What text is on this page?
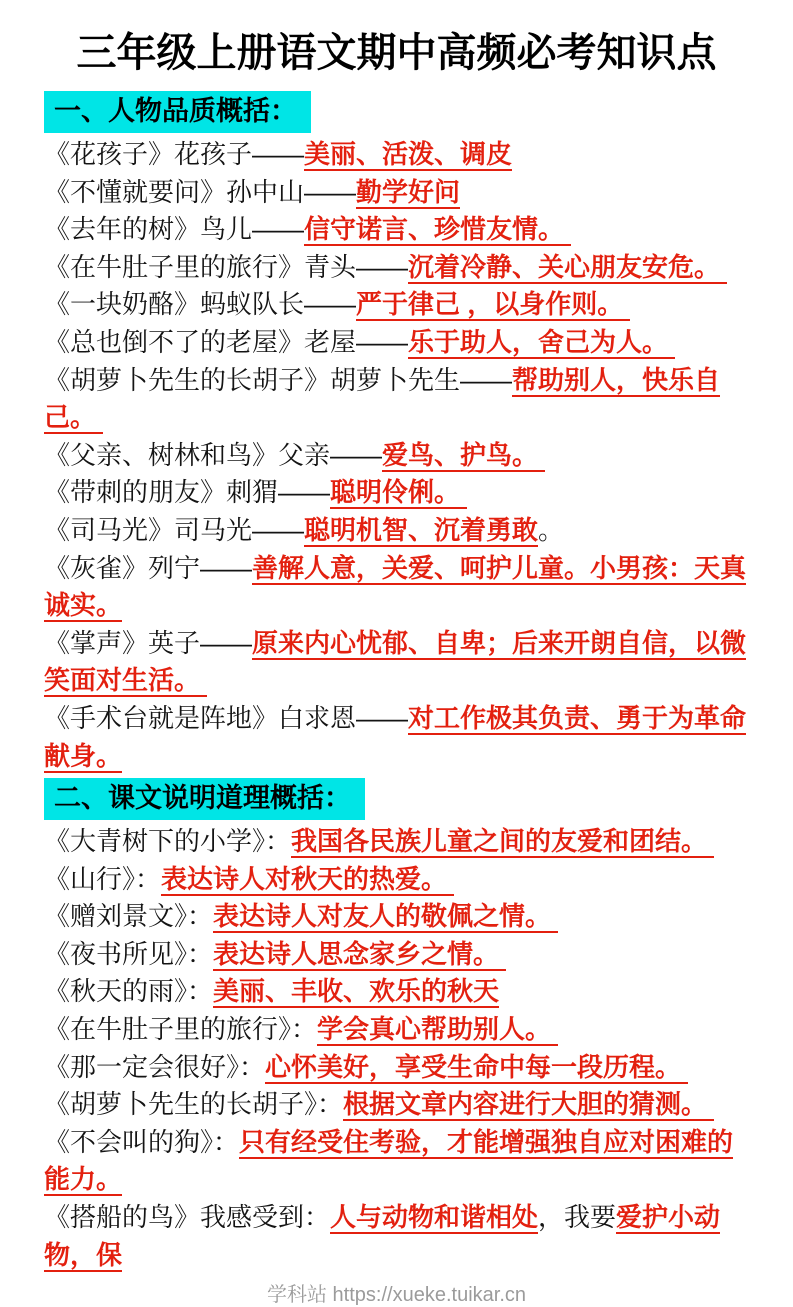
三年级上册语文期中高频必考知识点
一、人物品质概括：
《花孩子》花孩子——美丽、活泼、调皮
《不懂就要问》孙中山——勤学好问
《去年的树》鸟儿——信守诺言、珍惜友情。
《在牛肚子里的旅行》青头——沉着冷静、关心朋友安危。
《一块奶酪》蚂蚁队长——严于律己 ，以身作则。
《总也倒不了的老屋》老屋——乐于助人，舍己为人。
《胡萝卜先生的长胡子》胡萝卜先生——帮助别人，快乐自己。
《父亲、树林和鸟》父亲——爱鸟、护鸟。
《带刺的朋友》刺猬——聪明伶俐。
《司马光》司马光——聪明机智、沉着勇敢。
《灰雀》列宁——善解人意，关爱、呵护儿童。小男孩：天真诚实。
《掌声》英子——原来内心忧郁、自卑；后来开朗自信，以微笑面对生活。
《手术台就是阵地》白求恩——对工作极其负责、勇于为革命献身。
二、课文说明道理概括：
《大青树下的小学》：我国各民族儿童之间的友爱和团结。
《山行》：表达诗人对秋天的热爱。
《赠刘景文》：表达诗人对友人的敬佩之情。
《夜书所见》：表达诗人思念家乡之情。
《秋天的雨》：美丽、丰收、欢乐的秋天
《在牛肚子里的旅行》：学会真心帮助别人。
《那一定会很好》：心怀美好，享受生命中每一段历程。
《胡萝卜先生的长胡子》：根据文章内容进行大胆的猜测。
《不会叫的狗》：只有经受住考验，才能增强独自应对困难的能力。
《搭船的鸟》我感受到：人与动物和谐相处，我要爱护小动物，保
学科站 https://xueke.tuikar.cn
